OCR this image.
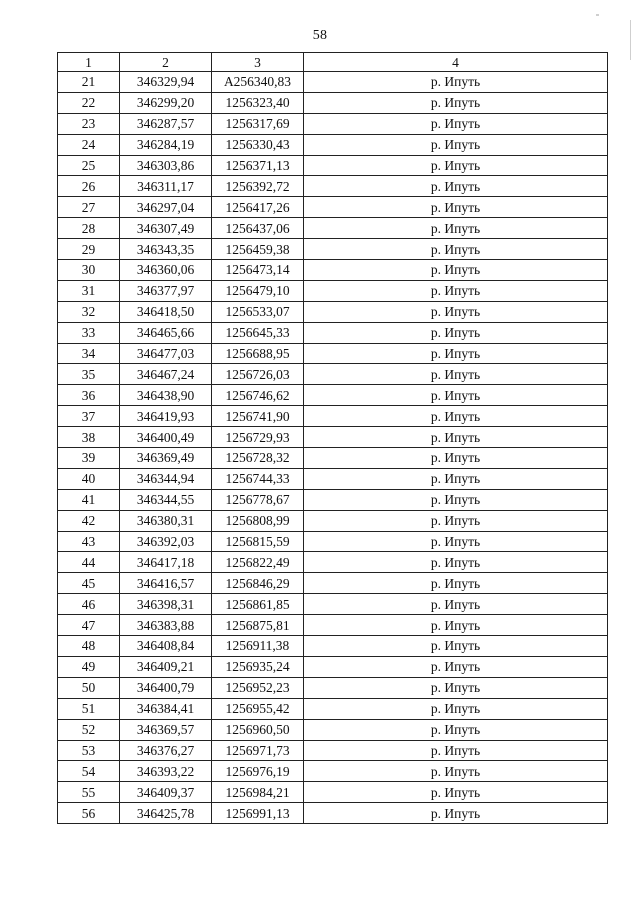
58
1	2	3	4
21	346329,94	А256340,83	р. Ипуть
22	346299,20	1256323,40	р. Ипуть
23	346287,57	1256317,69	р. Ипуть
24	346284,19	1256330,43	р. Ипуть
25	346303,86	1256371,13	р. Ипуть
26	346311,17	1256392,72	р. Ипуть
27	346297,04	1256417,26	р. Ипуть
28	346307,49	1256437,06	р. Ипуть
29	346343,35	1256459,38	р. Ипуть
30	346360,06	1256473,14	р. Ипуть
31	346377,97	1256479,10	р. Ипуть
32	346418,50	1256533,07	р. Ипуть
33	346465,66	1256645,33	р. Ипуть
34	346477,03	1256688,95	р. Ипуть
35	346467,24	1256726,03	р. Ипуть
36	346438,90	1256746,62	р. Ипуть
37	346419,93	1256741,90	р. Ипуть
38	346400,49	1256729,93	р. Ипуть
39	346369,49	1256728,32	р. Ипуть
40	346344,94	1256744,33	р. Ипуть
41	346344,55	1256778,67	р. Ипуть
42	346380,31	1256808,99	р. Ипуть
43	346392,03	1256815,59	р. Ипуть
44	346417,18	1256822,49	р. Ипуть
45	346416,57	1256846,29	р. Ипуть
46	346398,31	1256861,85	р. Ипуть
47	346383,88	1256875,81	р. Ипуть
48	346408,84	1256911,38	р. Ипуть
49	346409,21	1256935,24	р. Ипуть
50	346400,79	1256952,23	р. Ипуть
51	346384,41	1256955,42	р. Ипуть
52	346369,57	1256960,50	р. Ипуть
53	346376,27	1256971,73	р. Ипуть
54	346393,22	1256976,19	р. Ипуть
55	346409,37	1256984,21	р. Ипуть
56	346425,78	1256991,13	р. Ипуть
